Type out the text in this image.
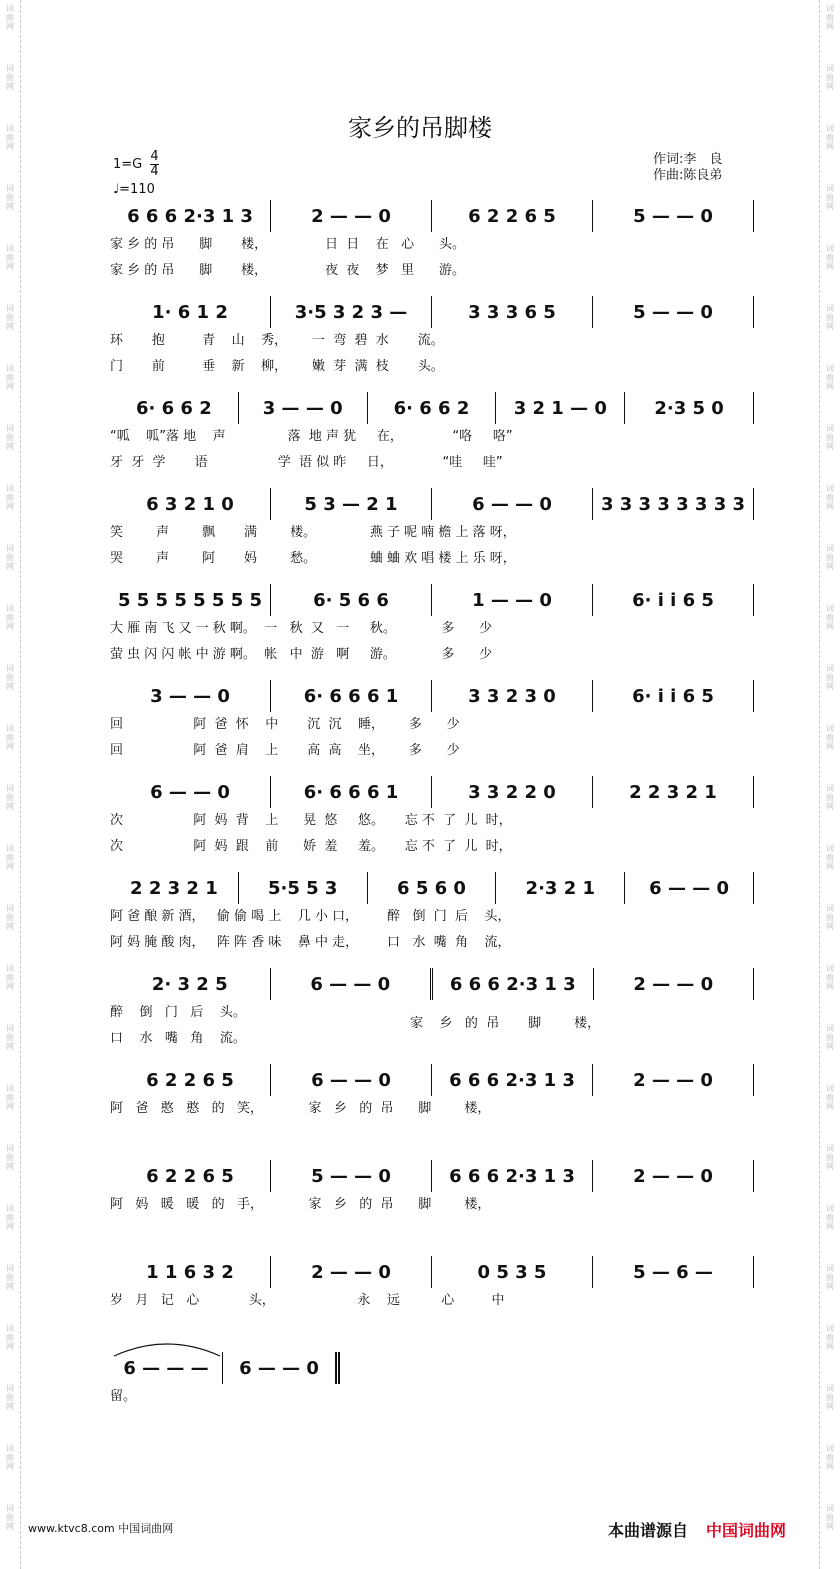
词曲网
词曲网
词曲网
词曲网
词曲网
词曲网
词曲网
词曲网
词曲网
词曲网
词曲网
词曲网
词曲网
词曲网
词曲网
词曲网
词曲网
词曲网
词曲网
词曲网
词曲网
词曲网
词曲网
词曲网
词曲网
词曲网
词曲网
词曲网
词曲网
词曲网
词曲网
词曲网
词曲网
词曲网
词曲网
词曲网
词曲网
词曲网
词曲网
词曲网
词曲网
词曲网
词曲网
词曲网
词曲网
词曲网
词曲网
词曲网
词曲网
词曲网
词曲网
词曲网
家乡的吊脚楼
$1=G \frac{4}{4}$
♩=110
作词:李　良
作曲:陈良弟
6 6 6 2·3 1 3	2 — — 0	6 2 2 6 5	5 — — 0
家 乡 的 吊      脚       楼，              日  日    在   心      头。
家 乡 的 吊      脚       楼，              夜  夜    梦   里      游。
1· 6 1 2	3·5 3 2 3 —	3 3 3 6 5	5 — — 0
环       抱         青    山    秀，      一  弯  碧  水       流。
门       前         垂    新    柳，      嫩  芽  满  枝       头。
6· 6 6 2	3 — — 0	6· 6 6 2	3 2 1 — 0	2·3 5 0
“呱    呱”落 地    声               落  地 声 犹     在，            “咯     咯”
牙  牙  学       语                 学  语 似 昨     日，            “哇     哇”
6 3 2 1 0	5 3 — 2 1	6 — — 0	3 3 3 3 3 3 3 3
笑        声        飘       满        楼。             燕 子 呢 喃 檐 上 落 呀，
哭        声        阿       妈        愁。             蛐 蛐 欢 唱 楼 上 乐 呀，
5 5 5 5 5 5 5 5	6· 5 6 6	1 — — 0	6· i i 6 5
大 雁 南 飞 又 一 秋 啊。  一   秋  又   一     秋。           多      少
萤 虫 闪 闪 帐 中 游 啊。  帐   中  游   啊     游。           多      少
3 — — 0	6· 6 6 6 1	3 3 2 3 0	6· i i 6 5
回                 阿  爸  怀    中       沉  沉    睡，      多      少
回                 阿  爸  肩    上       高  高    坐，      多      少
6 — — 0	6· 6 6 6 1	3 3 2 2 0	2 2 3 2 1
次                 阿  妈  背    上      晃  悠     悠。     忘 不  了  儿  时，
次                 阿  妈  跟    前      娇  羞     羞。     忘 不  了  儿  时，
2 2 3 2 1	5·5 5 3	6 5 6 0	2·3 2 1	6 — — 0
阿 爸 酿 新 酒，   偷 偷 喝 上    几 小 口，       醉   倒  门  后    头，
阿 妈 腌 酸 肉，   阵 阵 香 味    鼻 中 走，       口   水  嘴  角    流，
2· 3 2 5	6 — — 0	6 6 6 2·3 1 3	2 — — 0
醉    倒   门   后    头。
口    水   嘴   角    流。
家    乡   的  吊       脚        楼，
6 2 2 6 5	6 — — 0	6 6 6 2·3 1 3	2 — — 0
阿   爸   憨   憨   的   笑，           家   乡   的  吊      脚        楼，
6 2 2 6 5	5 — — 0	6 6 6 2·3 1 3	2 — — 0
阿   妈   暖   暖   的   手，           家   乡   的  吊      脚        楼，
1 1 6 3 2	2 — — 0	0 5 3 5	5 — 6 —
岁   月   记   心            头，                    永    远          心         中
6 — — —	6 — — 0
留。
www.ktvc8.com 中国词曲网	本曲谱源自 中国词曲网
